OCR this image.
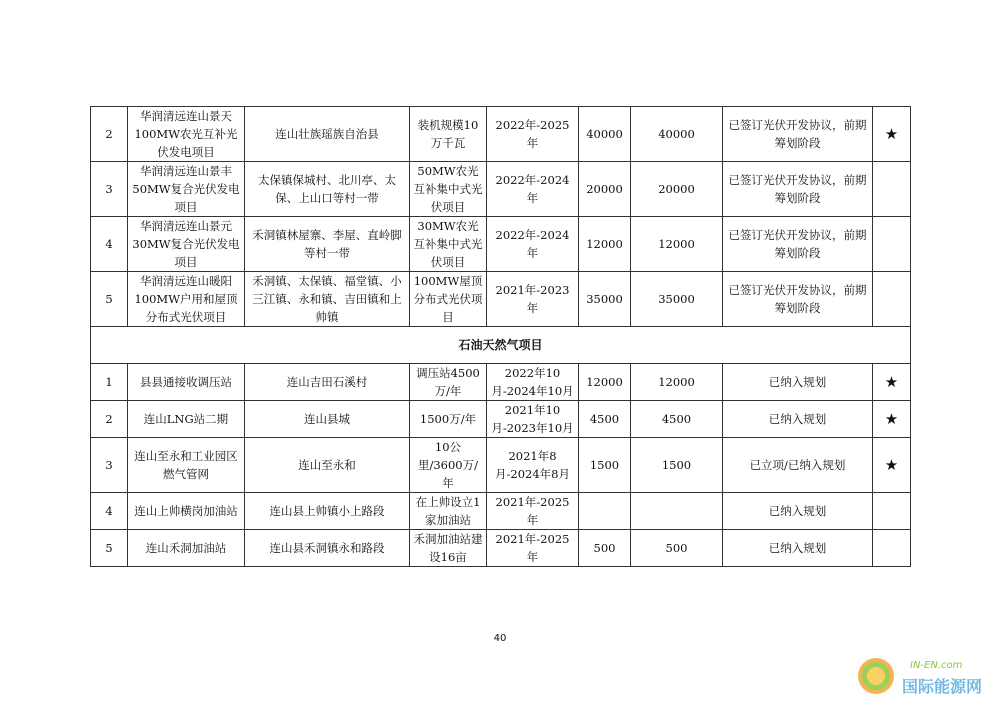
2	华润清远连山景天100MW农光互补光伏发电项目	连山壮族瑶族自治县	装机规模10万千瓦	2022年-2025年	40000	40000	已签订光伏开发协议，前期筹划阶段	★
3	华润清远连山景丰50MW复合光伏发电项目	太保镇保城村、北川亭、太保、上山口等村一带	50MW农光互补集中式光伏项目	2022年-2024年	20000	20000	已签订光伏开发协议，前期筹划阶段	
4	华润清远连山景元30MW复合光伏发电项目	禾洞镇林屋寨、李屋、直岭脚等村一带	30MW农光互补集中式光伏项目	2022年-2024年	12000	12000	已签订光伏开发协议，前期筹划阶段	
5	华润清远连山暖阳100MW户用和屋顶分布式光伏项目	禾洞镇、太保镇、福堂镇、小三江镇、永和镇、吉田镇和上帅镇	100MW屋顶分布式光伏项目	2021年-2023年	35000	35000	已签订光伏开发协议，前期筹划阶段	
石油天然气项目								
1	县县通接收调压站	连山吉田石溪村	调压站4500万/年	2022年10月-2024年10月	12000	12000	已纳入规划	★
2	连山LNG站二期	连山县城	1500万/年	2021年10月-2023年10月	4500	4500	已纳入规划	★
3	连山至永和工业园区燃气管网	连山至永和	10公里/3600万/年	2021年8月-2024年8月	1500	1500	已立项/已纳入规划	★
4	连山上帅横岗加油站	连山县上帅镇小上路段	在上帅设立1家加油站	2021年-2025年			已纳入规划	
5	连山禾洞加油站	连山县禾洞镇永和路段	禾洞加油站建设16亩	2021年-2025年	500	500	已纳入规划	
40
IN-EN.com
国际能源网
